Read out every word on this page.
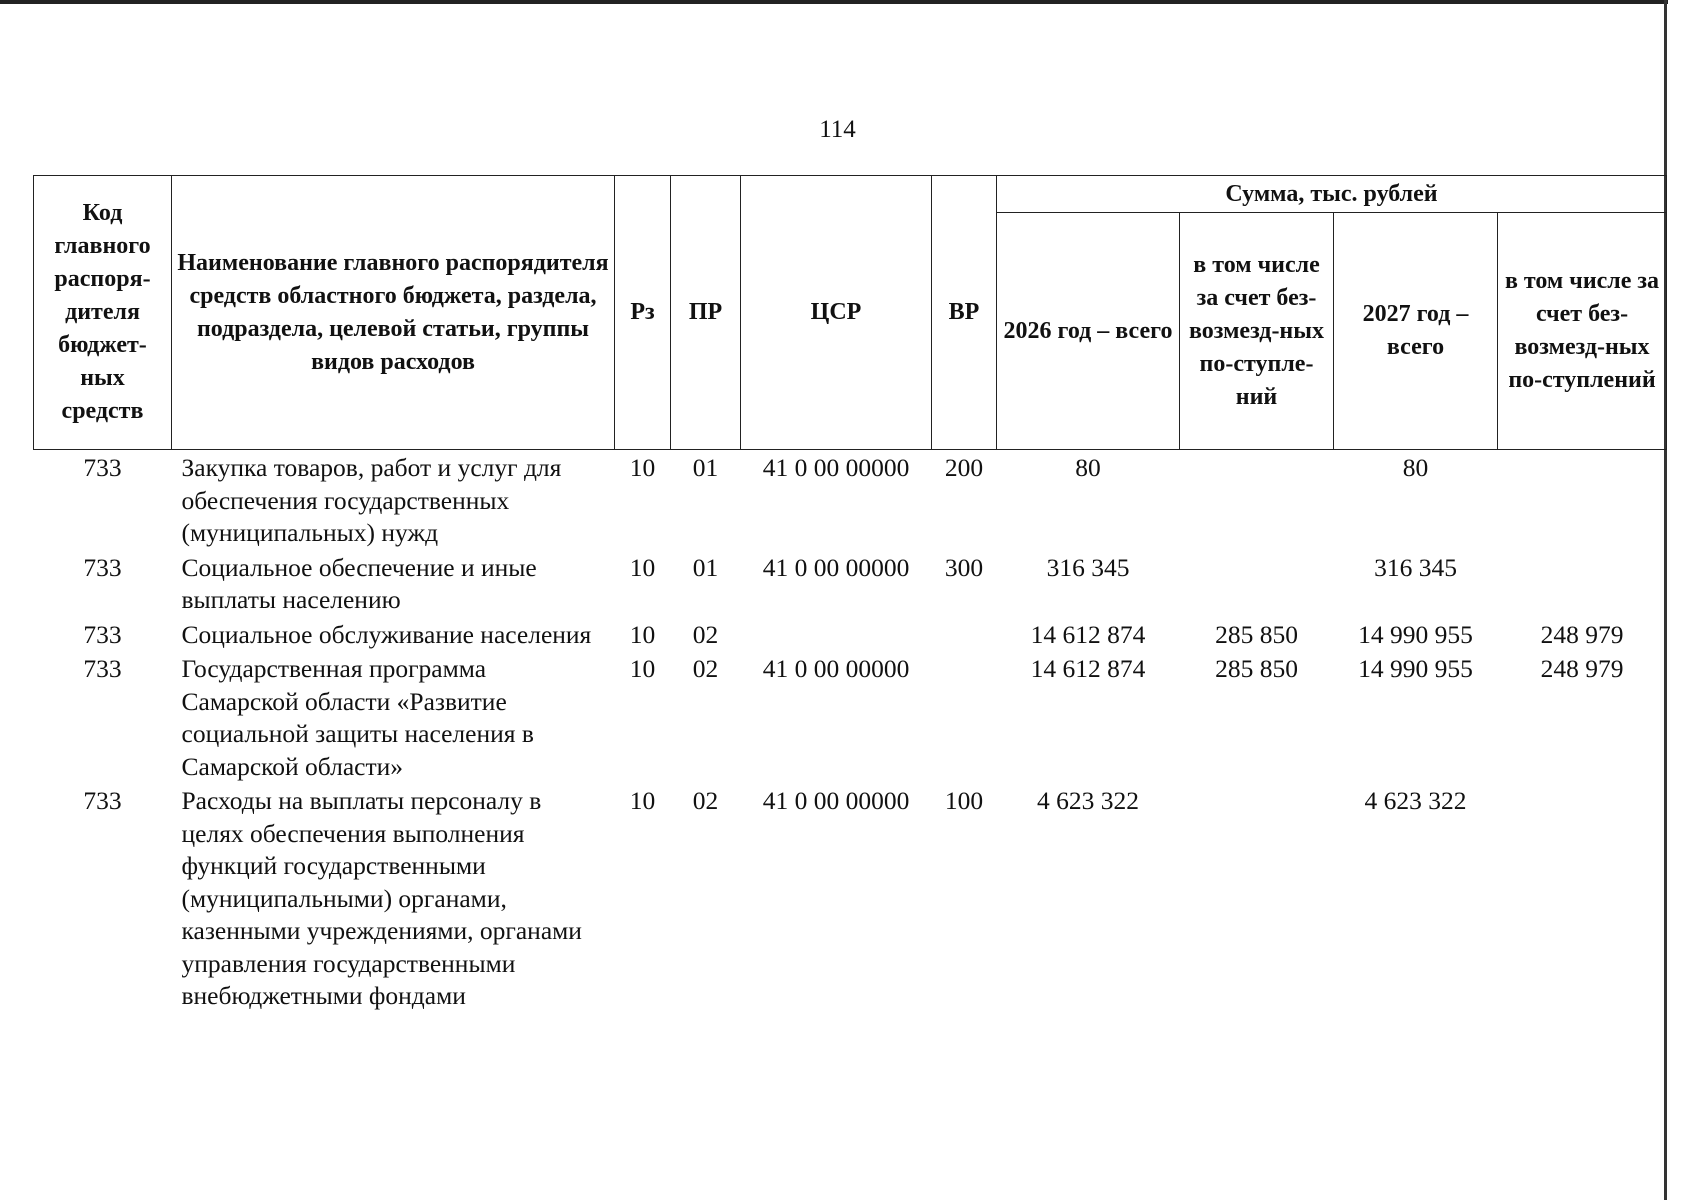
114
Код главного распоря-дителя бюджет-ных средств	Наименование главного распорядителя средств областного бюджета, раздела, подраздела, целевой статьи, группы видов расходов	Рз	ПР	ЦСР	ВР	Сумма, тыс. рублей			
						2026 год – всего	в том числе за счет без-возмезд-ных по-ступле-ний	2027 год – всего	в том числе за счет без-возмезд-ных по-ступлений
733	Закупка товаров, работ и услуг для обеспечения государственных (муниципальных) нужд	10	01	41 0 00 00000	200	80		80	
733	Социальное обеспечение и иные выплаты населению	10	01	41 0 00 00000	300	316 345		316 345	
733	Социальное обслуживание населения	10	02			14 612 874	285 850	14 990 955	248 979
733	Государственная программа Самарской области «Развитие социальной защиты населения в Самарской области»	10	02	41 0 00 00000		14 612 874	285 850	14 990 955	248 979
733	Расходы на выплаты персоналу в целях обеспечения выполнения функций государственными (муниципальными) органами, казенными учреждениями, органами управления государственными внебюджетными фондами	10	02	41 0 00 00000	100	4 623 322		4 623 322	
